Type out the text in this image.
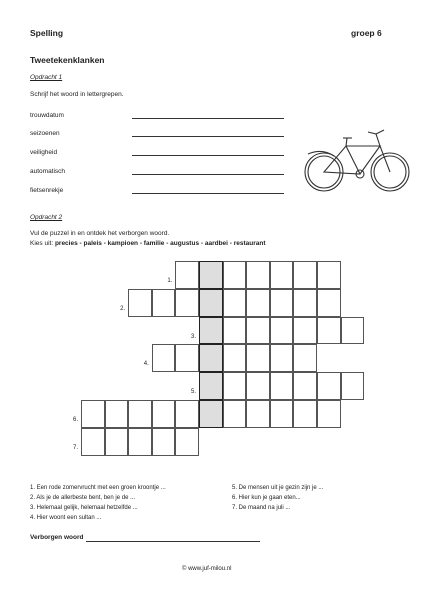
Spelling	groep 6
Tweetekenklanken
Opdracht 1
Schrijf het woord in lettergrepen.
trouwdatum
seizoenen
veiligheid
automatisch
fietsenrekje
Opdracht 2
Vul de puzzel in en ontdek het verborgen woord.
Kies uit: precies - paleis - kampioen - familie - augustus - aardbei - restaurant
1.
2.
3.
4.
5.
6.
7.
1. Een rode zomervrucht met een groen kroontje ...
2. Als je de allerbeste bent, ben je de ...
3. Helemaal gelijk, helemaal hetzelfde ...
4. Hier woont een sultan ...
5. De mensen uit je gezin zijn je ...
6. Hier kun je gaan eten...
7. De maand na juli ...
Verborgen woord
© www.juf-milou.nl
